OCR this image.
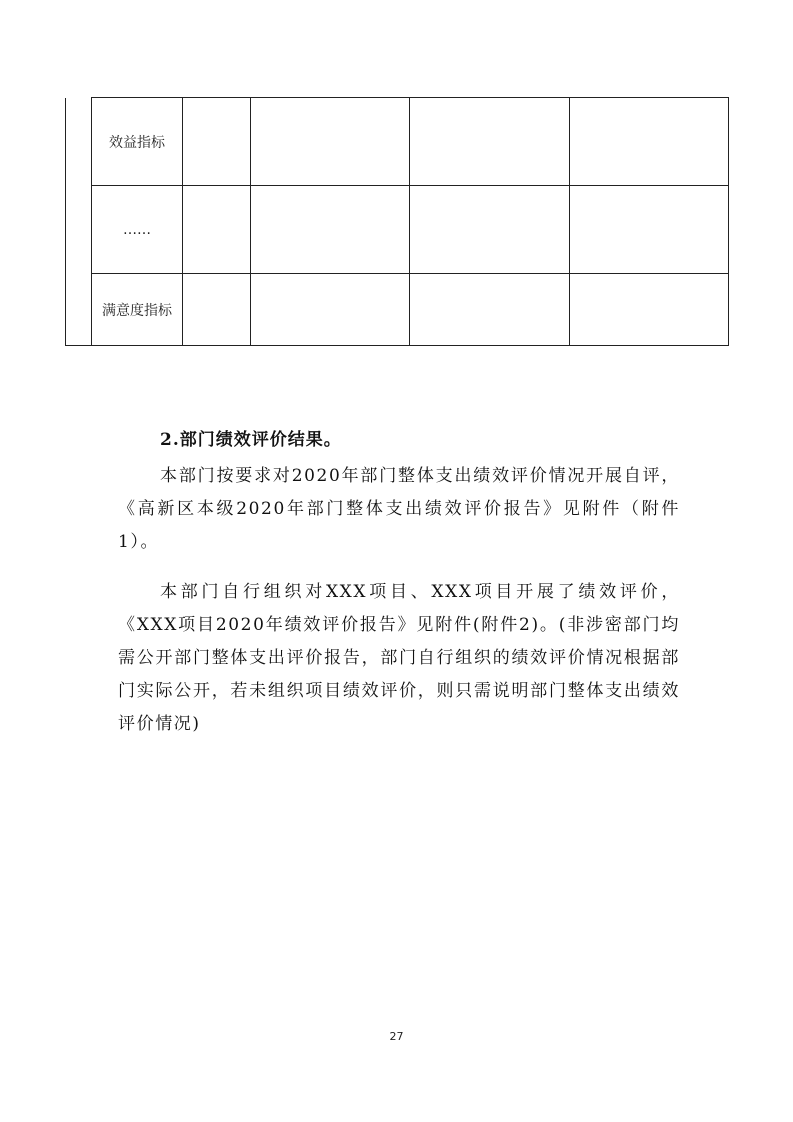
	效益指标				
	……				
	满意度指标				
2.部门绩效评价结果。

本部门按要求对2020年部门整体支出绩效评价情况开展自评，《高新区本级2020年部门整体支出绩效评价报告》见附件（附件1）。

本部门自行组织对XXX项目、XXX项目开展了绩效评价，《XXX项目2020年绩效评价报告》见附件(附件2)。(非涉密部门均需公开部门整体支出评价报告，部门自行组织的绩效评价情况根据部门实际公开，若未组织项目绩效评价，则只需说明部门整体支出绩效评价情况)

27
